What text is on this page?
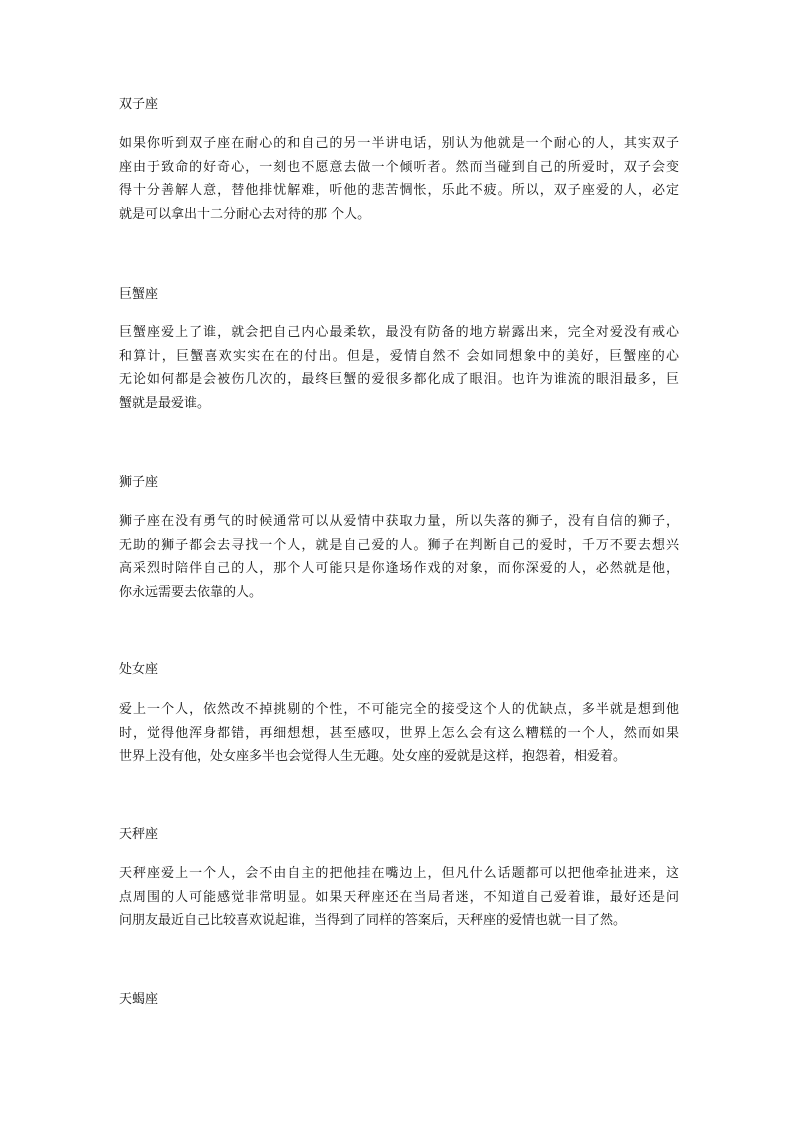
双子座
如果你听到双子座在耐心的和自己的另一半讲电话，别认为他就是一个耐心的人，其实双子
座由于致命的好奇心，一刻也不愿意去做一个倾听者。然而当碰到自己的所爱时，双子会变
得十分善解人意，替他排忧解难，听他的悲苦惆怅，乐此不疲。所以，双子座爱的人，必定
就是可以拿出十二分耐心去对待的那 个人。
巨蟹座
巨蟹座爱上了谁，就会把自己内心最柔软，最没有防备的地方崭露出来，完全对爱没有戒心
和算计，巨蟹喜欢实实在在的付出。但是，爱情自然不 会如同想象中的美好，巨蟹座的心
无论如何都是会被伤几次的，最终巨蟹的爱很多都化成了眼泪。也许为谁流的眼泪最多，巨
蟹就是最爱谁。
狮子座
狮子座在没有勇气的时候通常可以从爱情中获取力量，所以失落的狮子，没有自信的狮子，
无助的狮子都会去寻找一个人，就是自己爱的人。狮子在判断自己的爱时，千万不要去想兴
高采烈时陪伴自己的人，那个人可能只是你逢场作戏的对象，而你深爱的人，必然就是他，
你永远需要去依靠的人。
处女座
爱上一个人，依然改不掉挑剔的个性，不可能完全的接受这个人的优缺点，多半就是想到他
时，觉得他浑身都错，再细想想，甚至感叹，世界上怎么会有这么糟糕的一个人，然而如果
世界上没有他，处女座多半也会觉得人生无趣。处女座的爱就是这样，抱怨着，相爱着。
天秤座
天秤座爱上一个人，会不由自主的把他挂在嘴边上，但凡什么话题都可以把他牵扯进来，这
点周围的人可能感觉非常明显。如果天秤座还在当局者迷，不知道自己爱着谁，最好还是问
问朋友最近自己比较喜欢说起谁，当得到了同样的答案后，天秤座的爱情也就一目了然。
天蝎座
